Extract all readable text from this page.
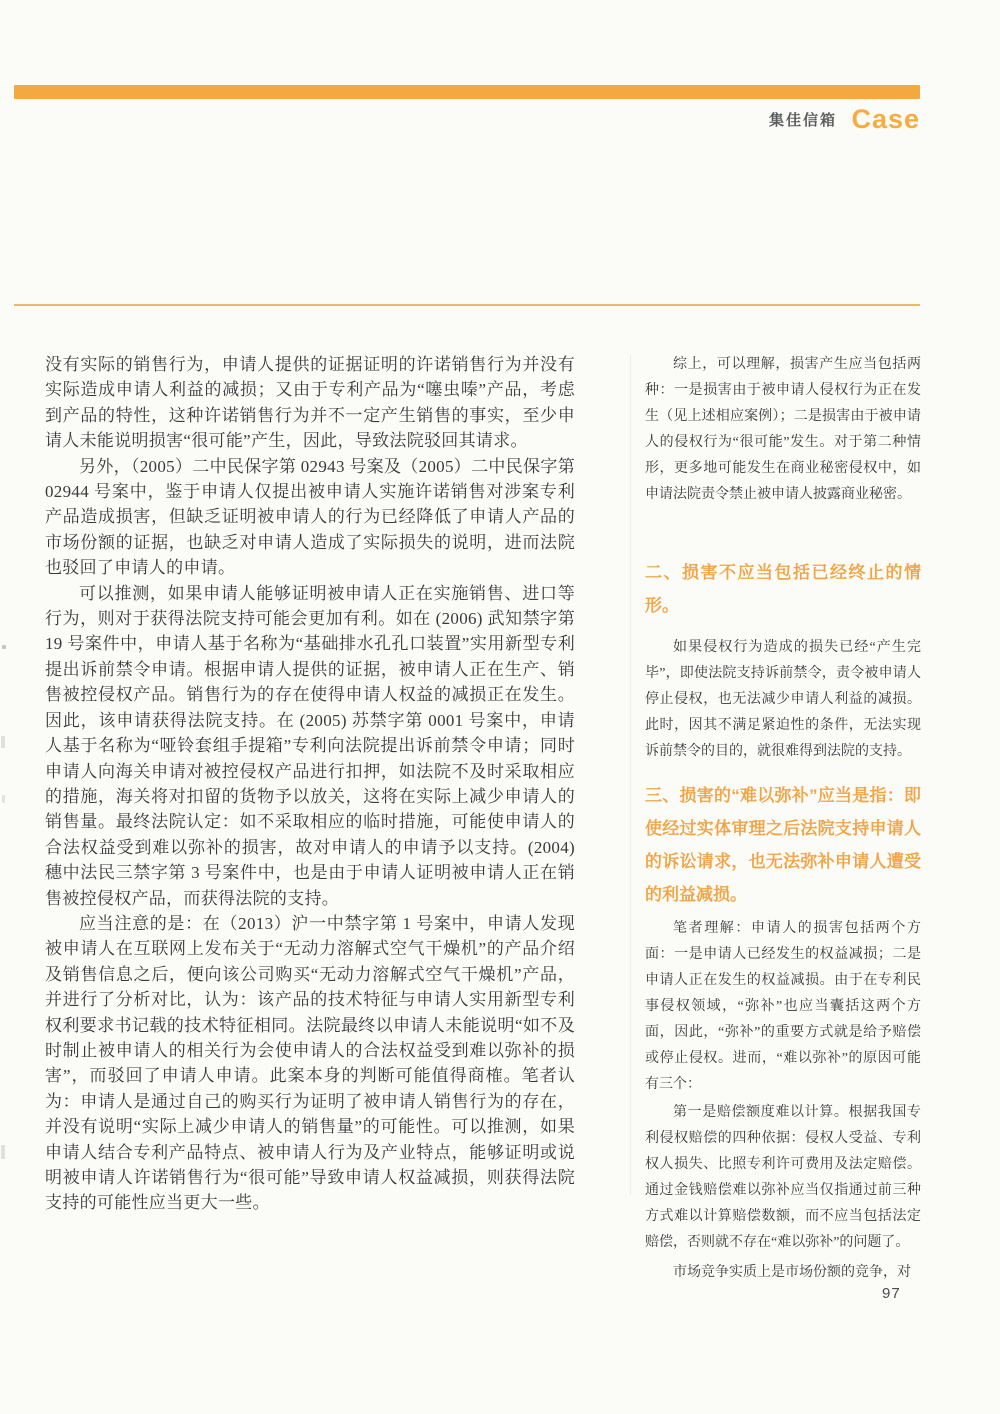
集佳信箱 Case

没有实际的销售行为，申请人提供的证据证明的许诺销售行为并没有实际造成申请人利益的减损；又由于专利产品为“噻虫嗪”产品，考虑到产品的特性，这种许诺销售行为并不一定产生销售的事实，至少申请人未能说明损害“很可能”产生，因此，导致法院驳回其请求。

另外，（2005）二中民保字第 02943 号案及（2005）二中民保字第 02944 号案中，鉴于申请人仅提出被申请人实施许诺销售对涉案专利产品造成损害，但缺乏证明被申请人的行为已经降低了申请人产品的市场份额的证据，也缺乏对申请人造成了实际损失的说明，进而法院也驳回了申请人的申请。

可以推测，如果申请人能够证明被申请人正在实施销售、进口等行为，则对于获得法院支持可能会更加有利。如在 (2006) 武知禁字第 19 号案件中，申请人基于名称为“基础排水孔孔口装置”实用新型专利提出诉前禁令申请。根据申请人提供的证据，被申请人正在生产、销售被控侵权产品。销售行为的存在使得申请人权益的减损正在发生。因此，该申请获得法院支持。在 (2005) 苏禁字第 0001 号案中，申请人基于名称为“哑铃套组手提箱”专利向法院提出诉前禁令申请；同时申请人向海关申请对被控侵权产品进行扣押，如法院不及时采取相应的措施，海关将对扣留的货物予以放关，这将在实际上减少申请人的销售量。最终法院认定：如不采取相应的临时措施，可能使申请人的合法权益受到难以弥补的损害，故对申请人的申请予以支持。(2004) 穗中法民三禁字第 3 号案件中，也是由于申请人证明被申请人正在销售被控侵权产品，而获得法院的支持。

应当注意的是：在（2013）沪一中禁字第 1 号案中，申请人发现被申请人在互联网上发布关于“无动力溶解式空气干燥机”的产品介绍及销售信息之后，便向该公司购买“无动力溶解式空气干燥机”产品，并进行了分析对比，认为：该产品的技术特征与申请人实用新型专利权利要求书记载的技术特征相同。法院最终以申请人未能说明“如不及时制止被申请人的相关行为会使申请人的合法权益受到难以弥补的损害”，而驳回了申请人申请。此案本身的判断可能值得商榷。笔者认为：申请人是通过自己的购买行为证明了被申请人销售行为的存在，并没有说明“实际上减少申请人的销售量”的可能性。可以推测，如果申请人结合专利产品特点、被申请人行为及产业特点，能够证明或说明被申请人许诺销售行为“很可能”导致申请人权益减损，则获得法院支持的可能性应当更大一些。

综上，可以理解，损害产生应当包括两种：一是损害由于被申请人侵权行为正在发生（见上述相应案例）；二是损害由于被申请人的侵权行为“很可能”发生。对于第二种情形，更多地可能发生在商业秘密侵权中，如申请法院责令禁止被申请人披露商业秘密。
二、损害不应当包括已经终止的情形。
如果侵权行为造成的损失已经“产生完毕”，即使法院支持诉前禁令，责令被申请人停止侵权，也无法减少申请人利益的减损。此时，因其不满足紧迫性的条件，无法实现诉前禁令的目的，就很难得到法院的支持。
三、损害的“难以弥补”应当是指：即使经过实体审理之后法院支持申请人的诉讼请求，也无法弥补申请人遭受的利益减损。
笔者理解：申请人的损害包括两个方面：一是申请人已经发生的权益减损；二是申请人正在发生的权益减损。由于在专利民事侵权领域，“弥补”也应当囊括这两个方面，因此，“弥补”的重要方式就是给予赔偿或停止侵权。进而，“难以弥补”的原因可能有三个：
第一是赔偿额度难以计算。根据我国专利侵权赔偿的四种依据：侵权人受益、专利权人损失、比照专利许可费用及法定赔偿。通过金钱赔偿难以弥补应当仅指通过前三种方式难以计算赔偿数额，而不应当包括法定赔偿，否则就不存在“难以弥补”的问题了。
市场竞争实质上是市场份额的竞争，对
97
